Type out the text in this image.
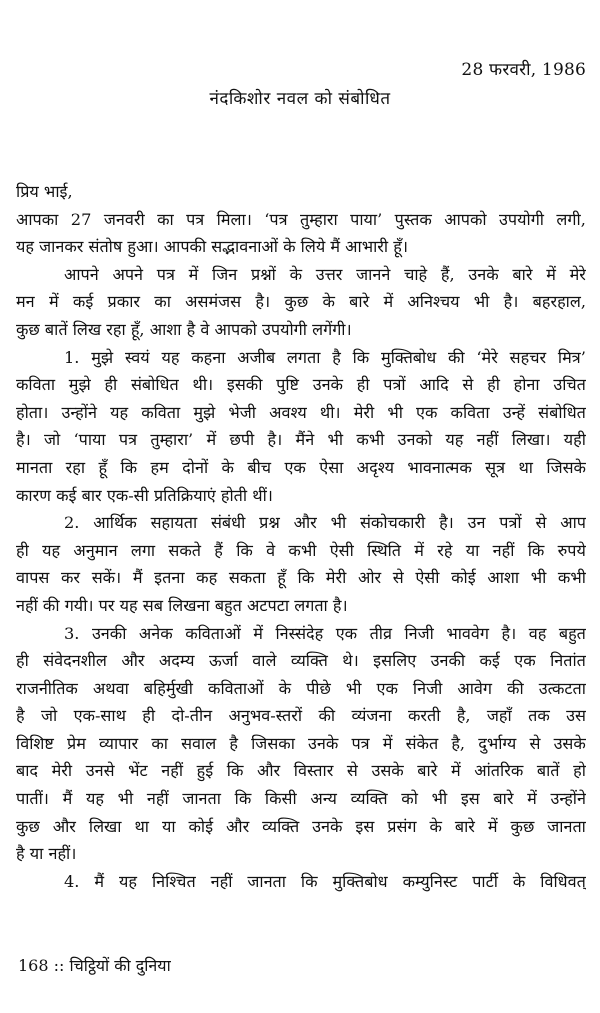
28 फरवरी, 1986
नंदकिशोर नवल को संबोधित
प्रिय भाई,
आपका 27 जनवरी का पत्र मिला। ‘पत्र तुम्हारा पाया’ पुस्तक आपको उपयोगी लगी,
यह जानकर संतोष हुआ। आपकी सद्भावनाओं के लिये मैं आभारी हूँ।
आपने अपने पत्र में जिन प्रश्नों के उत्तर जानने चाहे हैं, उनके बारे में मेरे
मन में कई प्रकार का असमंजस है। कुछ के बारे में अनिश्चय भी है। बहरहाल,
कुछ बातें लिख रहा हूँ, आशा है वे आपको उपयोगी लगेंगी।
1. मुझे स्वयं यह कहना अजीब लगता है कि मुक्तिबोध की ‘मेरे सहचर मित्र’
कविता मुझे ही संबोधित थी। इसकी पुष्टि उनके ही पत्रों आदि से ही होना उचित
होता। उन्होंने यह कविता मुझे भेजी अवश्य थी। मेरी भी एक कविता उन्हें संबोधित
है। जो ‘पाया पत्र तुम्हारा’ में छपी है। मैंने भी कभी उनको यह नहीं लिखा। यही
मानता रहा हूँ कि हम दोनों के बीच एक ऐसा अदृश्य भावनात्मक सूत्र था जिसके
कारण कई बार एक-सी प्रतिक्रियाएं होती थीं।
2. आर्थिक सहायता संबंधी प्रश्न और भी संकोचकारी है। उन पत्रों से आप
ही यह अनुमान लगा सकते हैं कि वे कभी ऐसी स्थिति में रहे या नहीं कि रुपये
वापस कर सकें। मैं इतना कह सकता हूँ कि मेरी ओर से ऐसी कोई आशा भी कभी
नहीं की गयी। पर यह सब लिखना बहुत अटपटा लगता है।
3. उनकी अनेक कविताओं में निस्संदेह एक तीव्र निजी भाववेग है। वह बहुत
ही संवेदनशील और अदम्य ऊर्जा वाले व्यक्ति थे। इसलिए उनकी कई एक नितांत
राजनीतिक अथवा बहिर्मुखी कविताओं के पीछे भी एक निजी आवेग की उत्कटता
है जो एक-साथ ही दो-तीन अनुभव-स्तरों की व्यंजना करती है, जहाँ तक उस
विशिष्ट प्रेम व्यापार का सवाल है जिसका उनके पत्र में संकेत है, दुर्भाग्य से उसके
बाद मेरी उनसे भेंट नहीं हुई कि और विस्तार से उसके बारे में आंतरिक बातें हो
पातीं। मैं यह भी नहीं जानता कि किसी अन्य व्यक्ति को भी इस बारे में उन्होंने
कुछ और लिखा था या कोई और व्यक्ति उनके इस प्रसंग के बारे में कुछ जानता
है या नहीं।
4. मैं यह निश्चित नहीं जानता कि मुक्तिबोध कम्युनिस्ट पार्टी के विधिवत्
168 :: चिट्ठियों की दुनिया
